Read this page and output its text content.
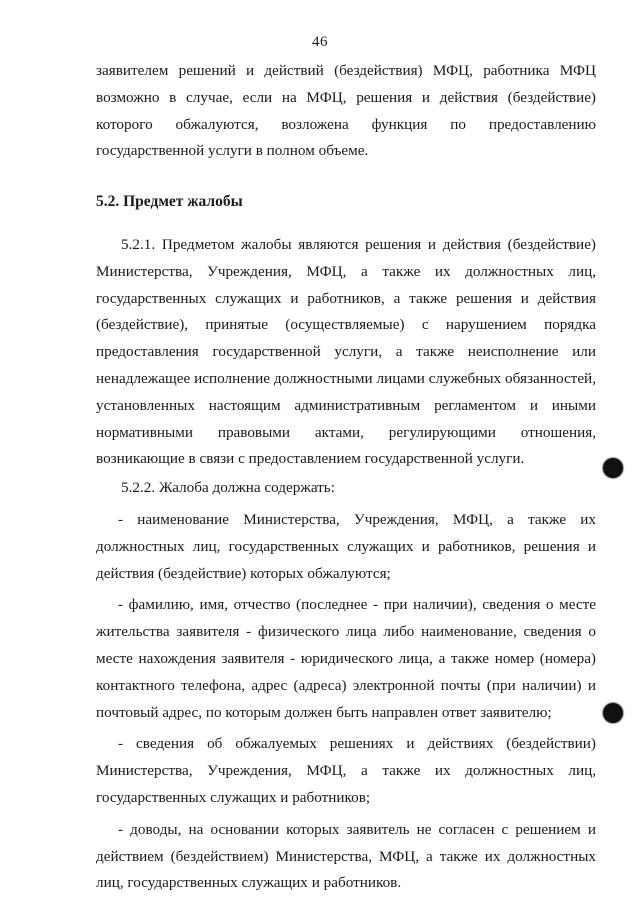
46

заявителем решений и действий (бездействия) МФЦ, работника МФЦ возможно в случае, если на МФЦ, решения и действия (бездействие) которого обжалуются, возложена функция по предоставлению государственной услуги в полном объеме.

5.2. Предмет жалобы

5.2.1. Предметом жалобы являются решения и действия (бездействие) Министерства, Учреждения, МФЦ, а также их должностных лиц, государственных служащих и работников, а также решения и действия (бездействие), принятые (осуществляемые) с нарушением порядка предоставления государственной услуги, а также неисполнение или ненадлежащее исполнение должностными лицами служебных обязанностей, установленных настоящим административным регламентом и иными нормативными правовыми актами, регулирующими отношения, возникающие в связи с предоставлением государственной услуги.

5.2.2. Жалоба должна содержать:

- наименование Министерства, Учреждения, МФЦ, а также их должностных лиц, государственных служащих и работников, решения и действия (бездействие) которых обжалуются;

- фамилию, имя, отчество (последнее - при наличии), сведения о месте жительства заявителя - физического лица либо наименование, сведения о месте нахождения заявителя - юридического лица, а также номер (номера) контактного телефона, адрес (адреса) электронной почты (при наличии) и почтовый адрес, по которым должен быть направлен ответ заявителю;

- сведения об обжалуемых решениях и действиях (бездействии) Министерства, Учреждения, МФЦ, а также их должностных лиц, государственных служащих и работников;

- доводы, на основании которых заявитель не согласен с решением и действием (бездействием) Министерства, МФЦ, а также их должностных лиц, государственных служащих и работников.
